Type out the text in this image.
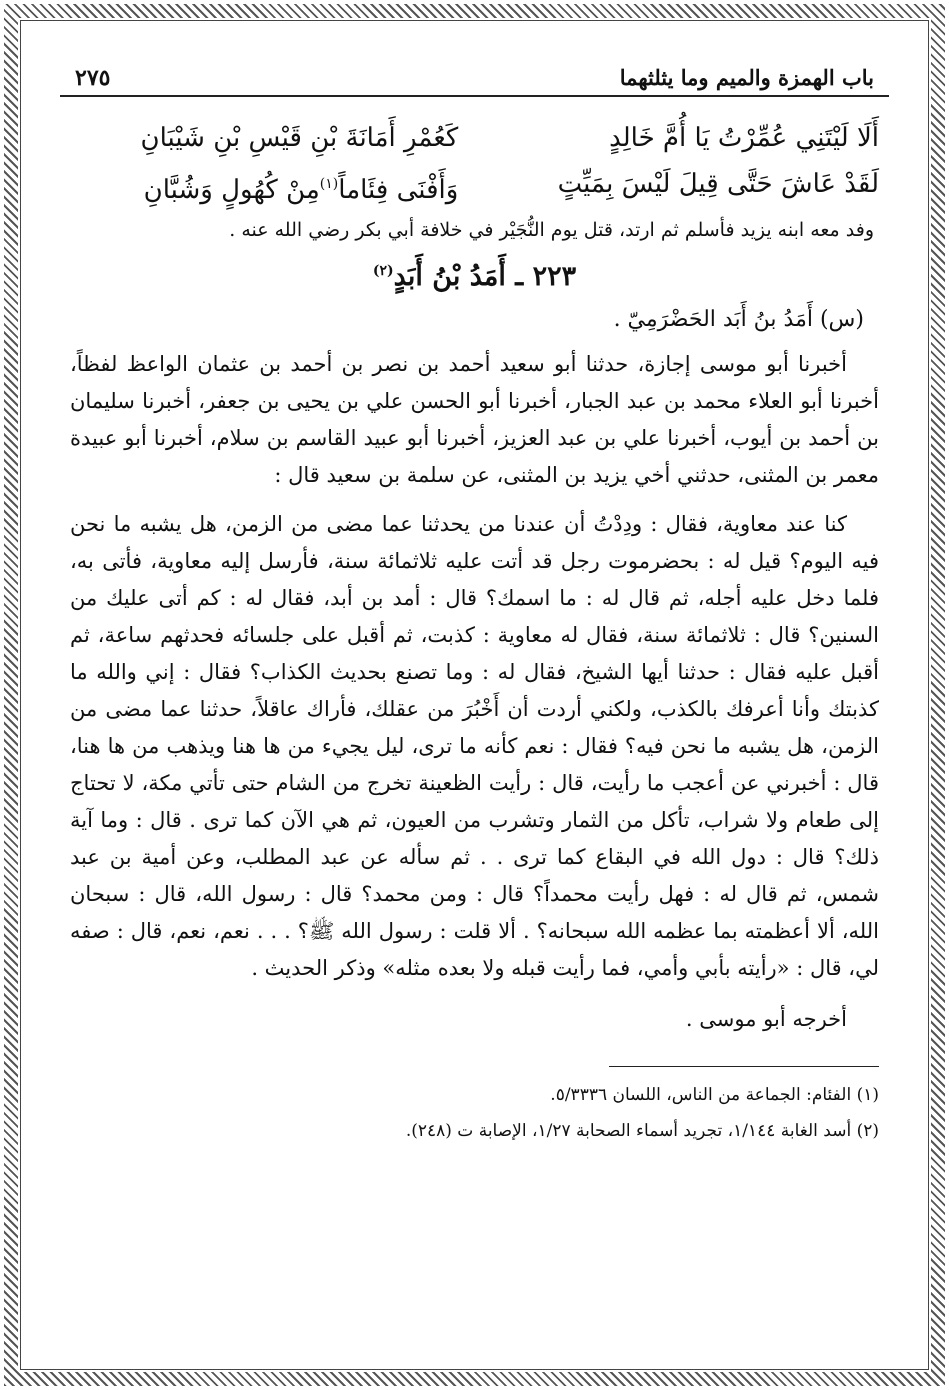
باب الهمزة والميم وما يثلثهما
٢٧٥
أَلَا لَيْتَنِي عُمِّرْتُ يَا أُمَّ خَالِدٍ
كَعُمْرِ أَمَانَةَ بْنِ قَيْسِ بْنِ شَيْبَانِ
لَقَدْ عَاشَ حَتَّى قِيلَ لَيْسَ بِمَيِّتٍ
وَأَفْنَى فِئَاماً(١)مِنْ كُهُولٍ وَشُبَّانِ
وفد معه ابنه يزيد فأسلم ثم ارتد، قتل يوم النُّجَيْر في خلافة أبي بكر رضي الله عنه .
٢٢٣ ـ أَمَدُ بْنُ أَبَدٍ$^{(٢)}$
(س) أَمَدُ بنُ أَبَد الحَضْرَمِيّ .

أخبرنا أبو موسى إجازة، حدثنا أبو سعيد أحمد بن نصر بن أحمد بن عثمان الواعظ لفظاً، أخبرنا أبو العلاء محمد بن عبد الجبار، أخبرنا أبو الحسن علي بن يحيى بن جعفر، أخبرنا سليمان بن أحمد بن أيوب، أخبرنا علي بن عبد العزيز، أخبرنا أبو عبيد القاسم بن سلام، أخبرنا أبو عبيدة معمر بن المثنى، حدثني أخي يزيد بن المثنى، عن سلمة بن سعيد قال :

كنا عند معاوية، فقال : ودِدْتُ أن عندنا من يحدثنا عما مضى من الزمن، هل يشبه ما نحن فيه اليوم؟ قيل له : بحضرموت رجل قد أتت عليه ثلاثمائة سنة، فأرسل إليه معاوية، فأتى به، فلما دخل عليه أجله، ثم قال له : ما اسمك؟ قال : أمد بن أبد، فقال له : كم أتى عليك من السنين؟ قال : ثلاثمائة سنة، فقال له معاوية : كذبت، ثم أقبل على جلسائه فحدثهم ساعة، ثم أقبل عليه فقال : حدثنا أيها الشيخ، فقال له : وما تصنع بحديث الكذاب؟ فقال : إني والله ما كذبتك وأنا أعرفك بالكذب، ولكني أردت أن أَخْبُرَ من عقلك، فأراك عاقلاً، حدثنا عما مضى من الزمن، هل يشبه ما نحن فيه؟ فقال : نعم كأنه ما ترى، ليل يجيء من ها هنا ويذهب من ها هنا، قال : أخبرني عن أعجب ما رأيت، قال : رأيت الظعينة تخرج من الشام حتى تأتي مكة، لا تحتاج إلى طعام ولا شراب، تأكل من الثمار وتشرب من العيون، ثم هي الآن كما ترى . قال : وما آية ذلك؟ قال : دول الله في البقاع كما ترى . . ثم سأله عن عبد المطلب، وعن أمية بن عبد شمس، ثم قال له : فهل رأيت محمداً؟ قال : ومن محمد؟ قال : رسول الله، قال : سبحان الله، ألا أعظمته بما عظمه الله سبحانه؟ . ألا قلت : رسول الله ﷺ؟ . . . نعم، نعم، قال : صفه لي، قال : «رأيته بأبي وأمي، فما رأيت قبله ولا بعده مثله» وذكر الحديث .

أخرجه أبو موسى .

(١) الفئام: الجماعة من الناس، اللسان ٥/٣٣٣٦.
(٢) أسد الغابة ١/١٤٤، تجريد أسماء الصحابة ١/٢٧، الإصابة ت (٢٤٨).
